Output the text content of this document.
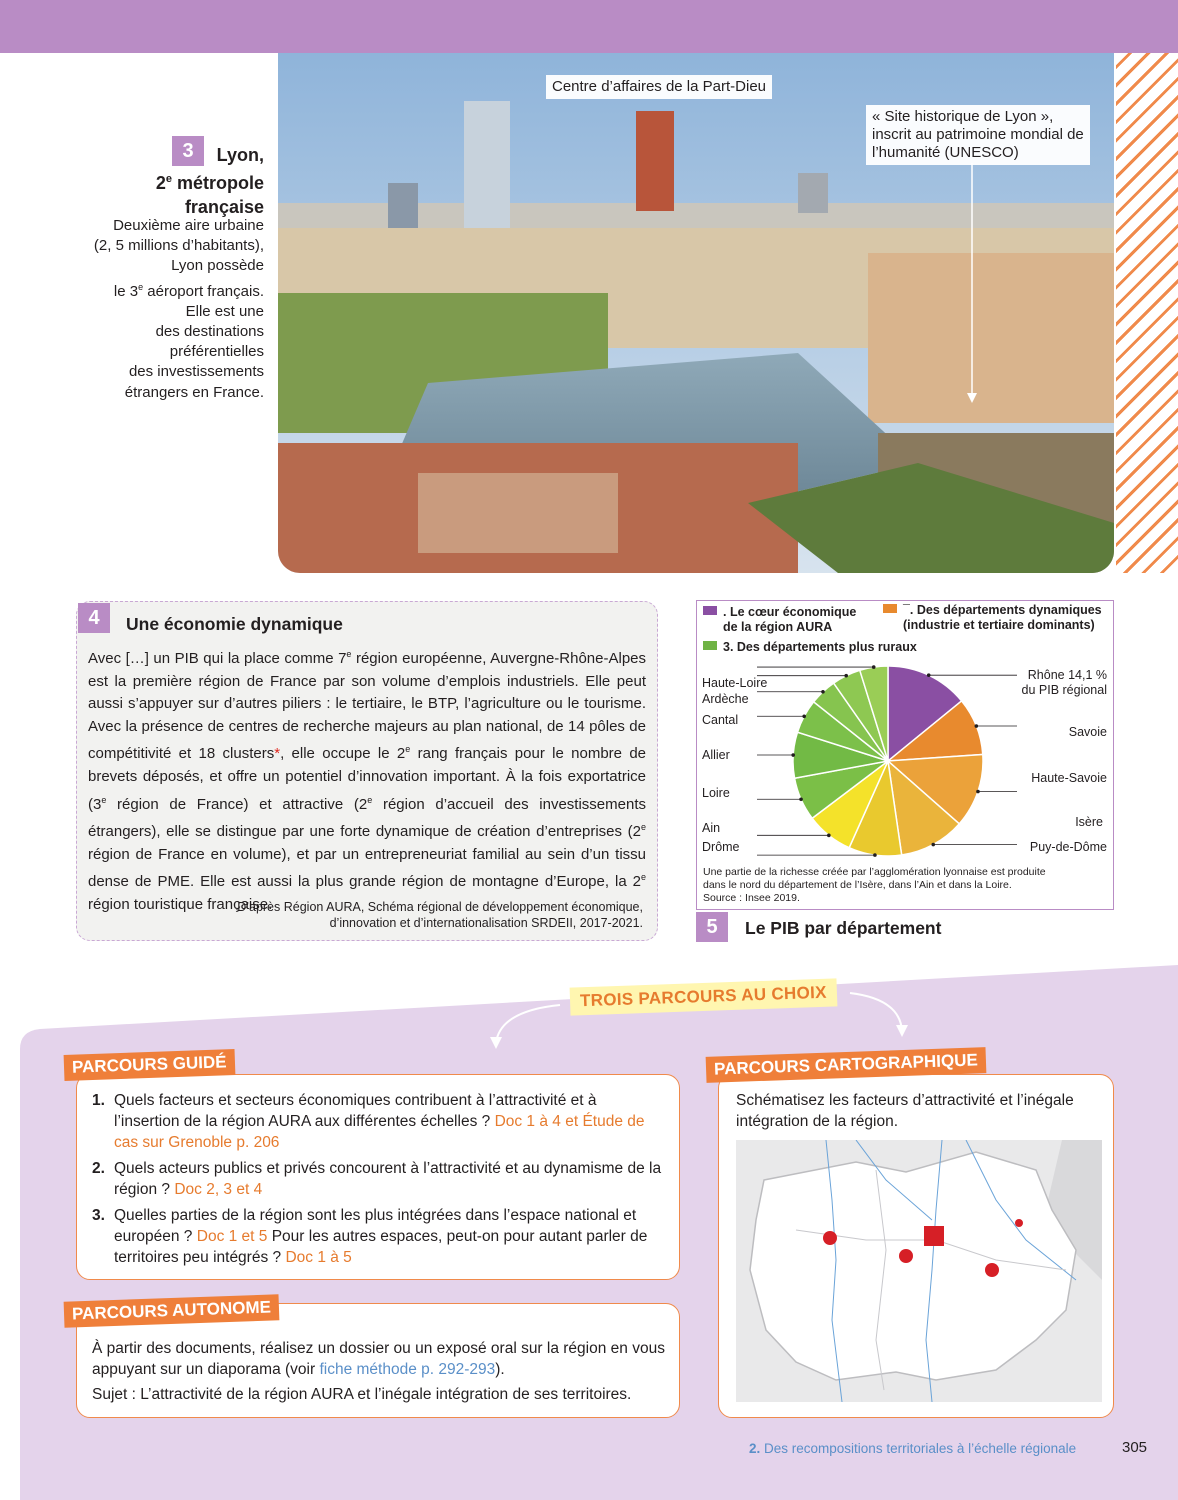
Centre d’affaires de la Part-Dieu
« Site historique de Lyon », inscrit au patrimoine mondial de l’humanité (UNESCO)
3	Lyon,
2e métropole
française
Deuxième aire urbaine
(2, 5 millions d’habitants),
Lyon possède
le 3e aéroport français.
Elle est une
des destinations
préférentielles
des investissements
étrangers en France.
4	Une économie dynamique
Avec […] un PIB qui la place comme 7e région européenne, Auvergne-Rhône-Alpes est la première région de France par son volume d’emplois industriels. Elle peut aussi s’appuyer sur d’autres piliers : le tertiaire, le BTP, l’agriculture ou le tourisme. Avec la présence de centres de recherche majeurs au plan national, de 14 pôles de compétitivité et 18 clusters*, elle occupe le 2e rang français pour le nombre de brevets déposés, et offre un potentiel d’innovation important. À la fois exportatrice (3e région de France) et attractive (2e région d’accueil des investissements étrangers), elle se distingue par une forte dynamique de création d’entreprises (2e région de France en volume), et par un entrepreneuriat familial au sein d’un tissu dense de PME. Elle est aussi la plus grande région de montagne d’Europe, la 2e région touristique française.
D’après Région AURA, Schéma régional de développement économique,
d’innovation et d’internationalisation SRDEII, 2017-2021.
. Le cœur économique
de la région AURA
¯. Des départements dynamiques
(industrie et tertiaire dominants)
3. Des départements plus ruraux
Rhône 14,1 %
du PIB régional
Savoie
Haute-Savoie
Isère
Puy-de-Dôme
Drôme
Ain
Loire
Allier
Cantal
Ardèche
Haute-Loire
Une partie de la richesse créée par l’agglomération lyonnaise est produite
dans le nord du département de l’Isère, dans l’Ain et dans la Loire.
Source : Insee 2019.
5	Le PIB par département
TROIS PARCOURS AU CHOIX
PARCOURS GUIDÉ
1. Quels facteurs et secteurs économiques contribuent à l’attractivité et à l’insertion de la région AURA aux différentes échelles ? Doc 1 à 4 et Étude de cas sur Grenoble p. 206
2. Quels acteurs publics et privés concourent à l’attractivité et au dynamisme de la région ? Doc 2, 3 et 4
3. Quelles parties de la région sont les plus intégrées dans l’espace national et européen ? Doc 1 et 5 Pour les autres espaces, peut-on pour autant parler de territoires peu intégrés ? Doc 1 à 5
PARCOURS AUTONOME

À partir des documents, réalisez un dossier ou un exposé oral sur la région en vous appuyant sur un diaporama (voir fiche méthode p. 292-293).

Sujet : L’attractivité de la région AURA et l’inégale intégration de ses territoires.

PARCOURS CARTOGRAPHIQUE
Schématisez les facteurs d’attractivité et l’inégale intégration de la région.
2. Des recompositions territoriales à l’échelle régionale	305
